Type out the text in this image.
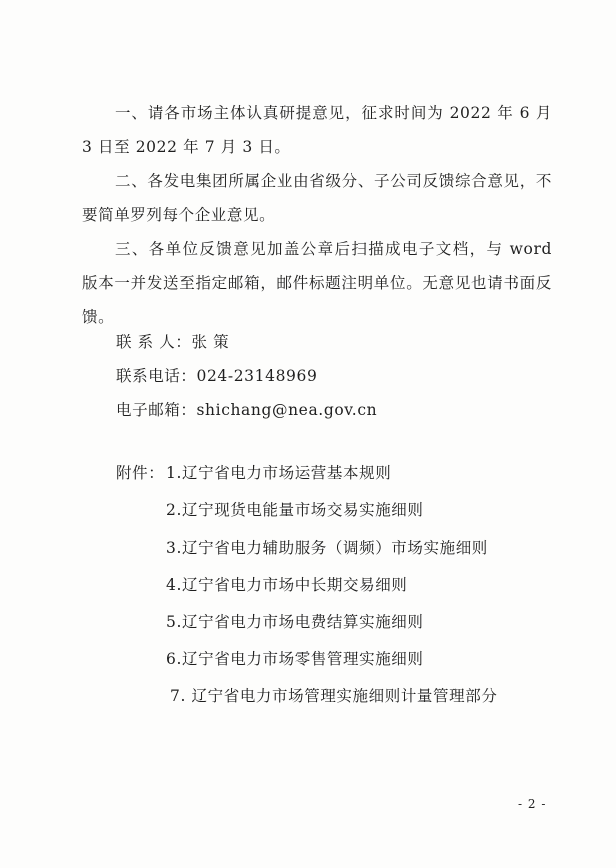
一、请各市场主体认真研提意见，征求时间为 2022 年 6 月 3 日至 2022 年 7 月 3 日。

二、各发电集团所属企业由省级分、子公司反馈综合意见，不要简单罗列每个企业意见。

三、各单位反馈意见加盖公章后扫描成电子文档，与 word 版本一并发送至指定邮箱，邮件标题注明单位。无意见也请书面反馈。

联 系 人：张 策
联系电话：024-23148969
电子邮箱：shichang@nea.gov.cn
附件： 1.辽宁省电力市场运营基本规则
2.辽宁现货电能量市场交易实施细则
3.辽宁省电力辅助服务（调频）市场实施细则
4.辽宁省电力市场中长期交易细则
5.辽宁省电力市场电费结算实施细则
6.辽宁省电力市场零售管理实施细则
7. 辽宁省电力市场管理实施细则计量管理部分
- 2 -
